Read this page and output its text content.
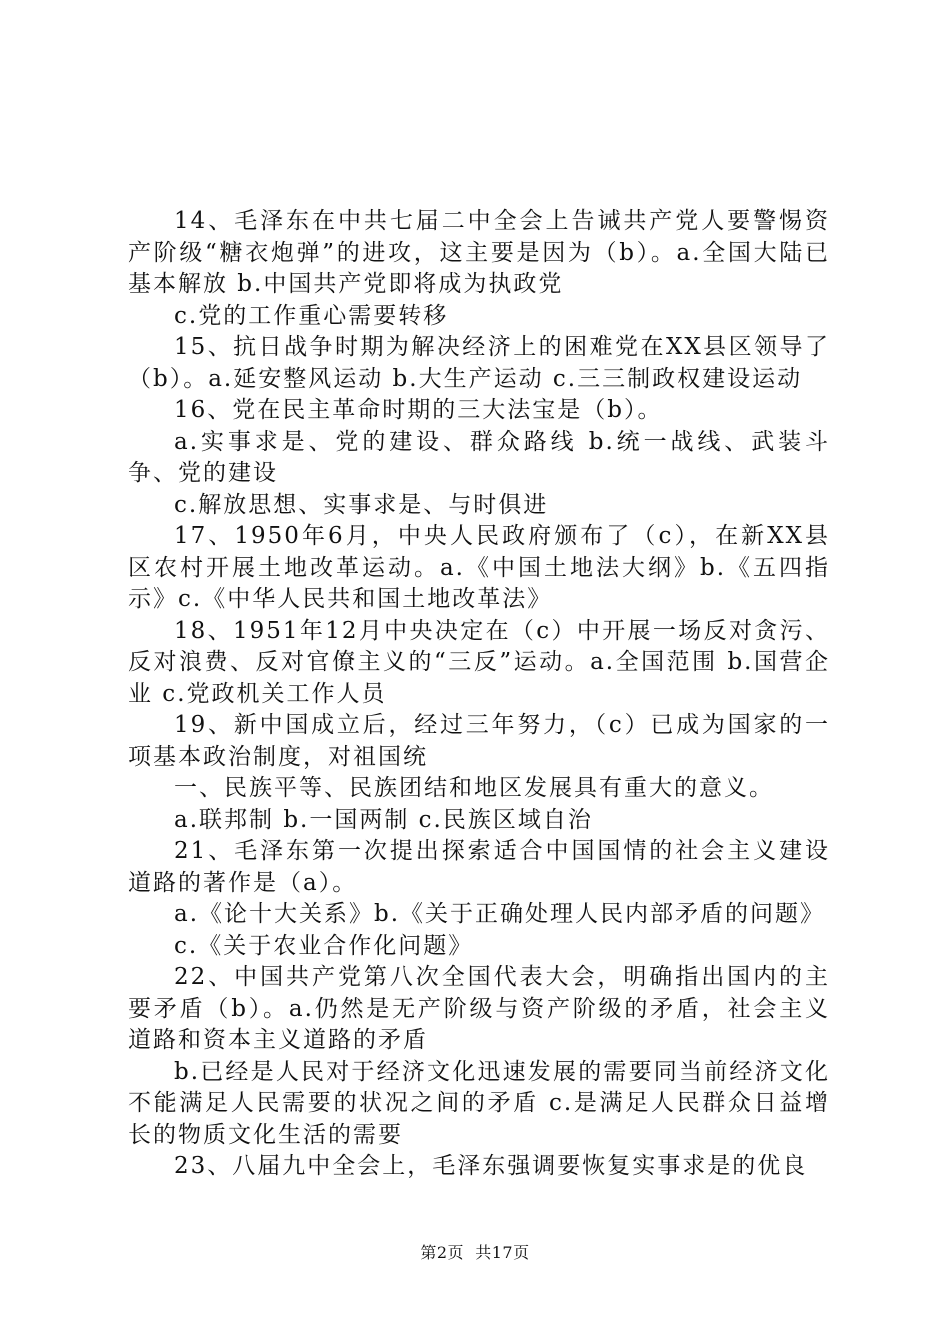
14、毛泽东在中共七届二中全会上告诫共产党人要警惕资产阶级“糖衣炮弹”的进攻，这主要是因为（b）。a.全国大陆已基本解放 b.中国共产党即将成为执政党

c.党的工作重心需要转移

15、抗日战争时期为解决经济上的困难党在XX县区领导了（b）。a.延安整风运动 b.大生产运动 c.三三制政权建设运动

16、党在民主革命时期的三大法宝是（b）。

a.实事求是、党的建设、群众路线 b.统一战线、武装斗争、党的建设

c.解放思想、实事求是、与时俱进

17、1950年6月，中央人民政府颁布了（c），在新XX县区农村开展土地改革运动。a.《中国土地法大纲》b.《五四指示》c.《中华人民共和国土地改革法》

18、1951年12月中央决定在（c）中开展一场反对贪污、反对浪费、反对官僚主义的“三反”运动。a.全国范围 b.国营企业 c.党政机关工作人员

19、新中国成立后，经过三年努力，（c）已成为国家的一项基本政治制度，对祖国统

一、民族平等、民族团结和地区发展具有重大的意义。

a.联邦制 b.一国两制 c.民族区域自治

21、毛泽东第一次提出探索适合中国国情的社会主义建设道路的著作是（a）。

a.《论十大关系》b.《关于正确处理人民内部矛盾的问题》

c.《关于农业合作化问题》

22、中国共产党第八次全国代表大会，明确指出国内的主要矛盾（b）。a.仍然是无产阶级与资产阶级的矛盾，社会主义道路和资本主义道路的矛盾

b.已经是人民对于经济文化迅速发展的需要同当前经济文化不能满足人民需要的状况之间的矛盾 c.是满足人民群众日益增长的物质文化生活的需要

23、八届九中全会上，毛泽东强调要恢复实事求是的优良

第2页 共17页
